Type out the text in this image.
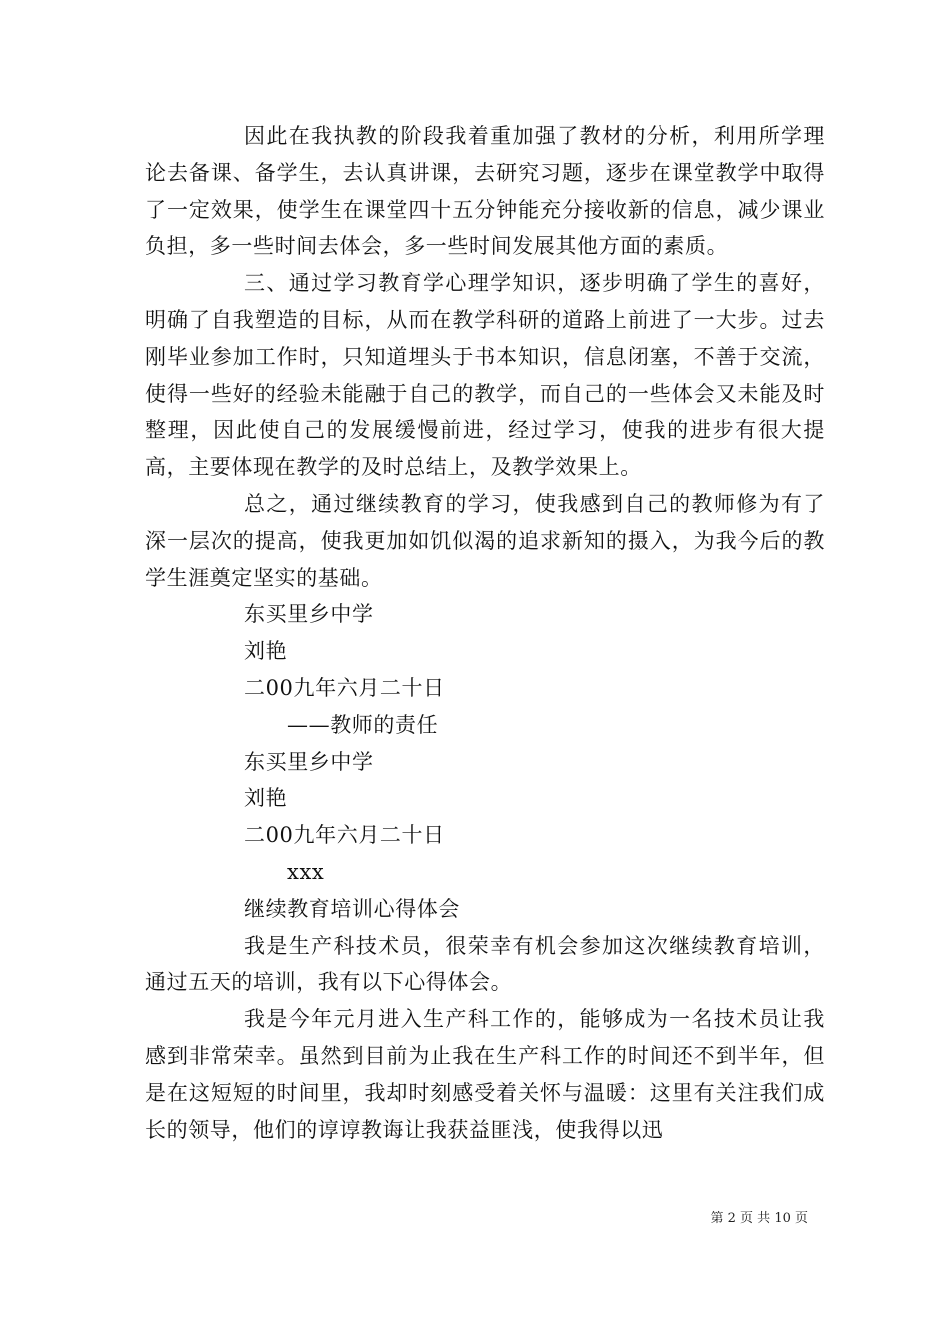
因此在我执教的阶段我着重加强了教材的分析，利用所学理论去备课、备学生，去认真讲课，去研究习题，逐步在课堂教学中取得了一定效果，使学生在课堂四十五分钟能充分接收新的信息，减少课业负担，多一些时间去体会，多一些时间发展其他方面的素质。

三、通过学习教育学心理学知识，逐步明确了学生的喜好，明确了自我塑造的目标，从而在教学科研的道路上前进了一大步。过去刚毕业参加工作时，只知道埋头于书本知识，信息闭塞，不善于交流，使得一些好的经验未能融于自己的教学，而自己的一些体会又未能及时整理，因此使自己的发展缓慢前进，经过学习，使我的进步有很大提高，主要体现在教学的及时总结上，及教学效果上。

总之，通过继续教育的学习，使我感到自己的教师修为有了深一层次的提高，使我更加如饥似渴的追求新知的摄入，为我今后的教学生涯奠定坚实的基础。

东买里乡中学

刘艳

二00九年六月二十日

——教师的责任

东买里乡中学

刘艳

二00九年六月二十日

xxx

继续教育培训心得体会

我是生产科技术员，很荣幸有机会参加这次继续教育培训，通过五天的培训，我有以下心得体会。

我是今年元月进入生产科工作的，能够成为一名技术员让我感到非常荣幸。虽然到目前为止我在生产科工作的时间还不到半年，但是在这短短的时间里，我却时刻感受着关怀与温暖：这里有关注我们成长的领导，他们的谆谆教诲让我获益匪浅，使我得以迅

第 2 页 共 10 页
